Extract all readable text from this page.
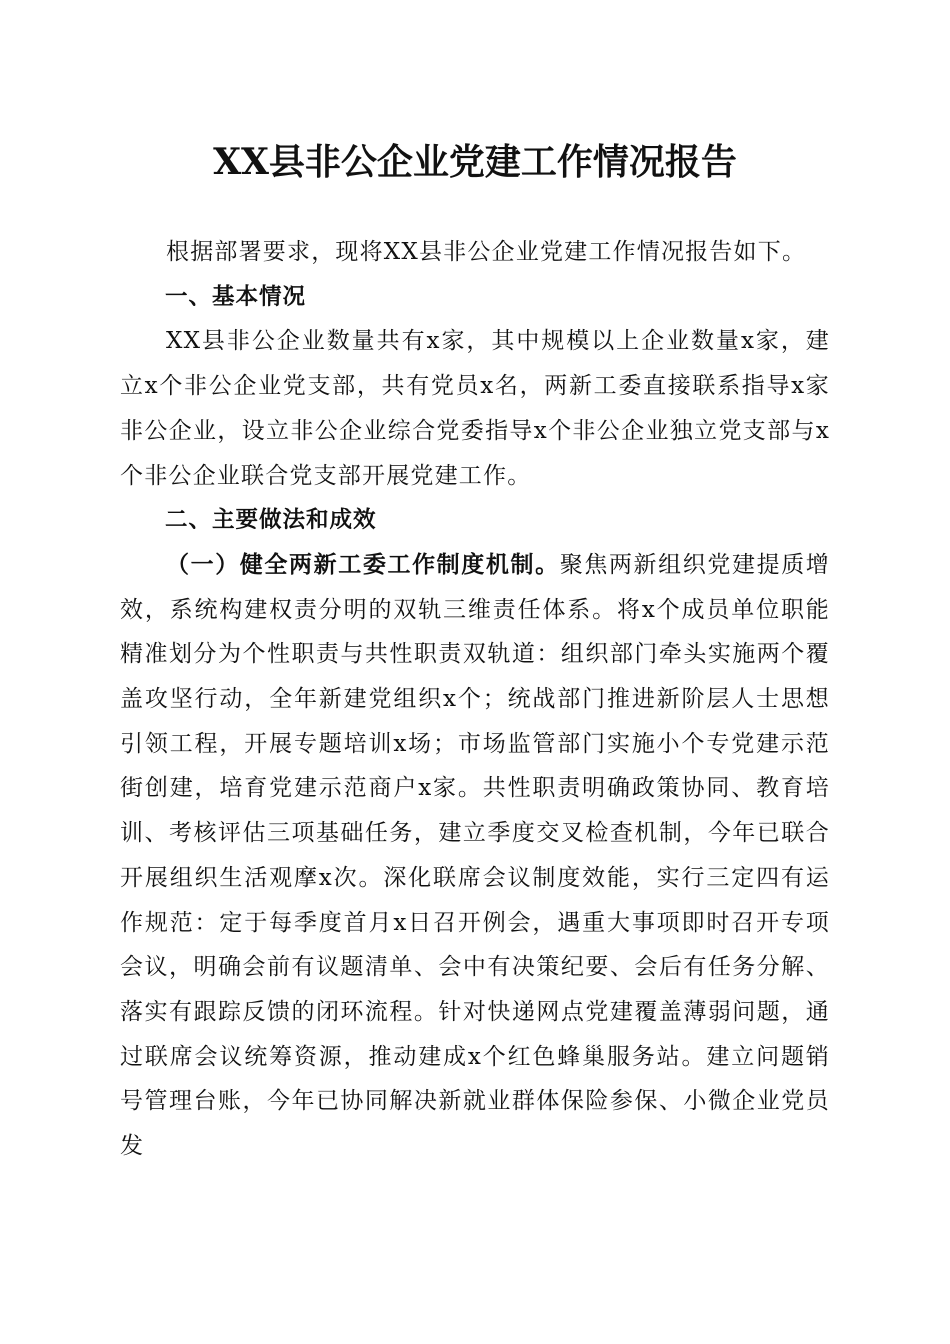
XX县非公企业党建工作情况报告

根据部署要求，现将XX县非公企业党建工作情况报告如下。

一、基本情况

XX县非公企业数量共有x家，其中规模以上企业数量x家，建立x个非公企业党支部，共有党员x名，两新工委直接联系指导x家非公企业，设立非公企业综合党委指导x个非公企业独立党支部与x个非公企业联合党支部开展党建工作。

二、主要做法和成效

（一）健全两新工委工作制度机制。聚焦两新组织党建提质增效，系统构建权责分明的双轨三维责任体系。将x个成员单位职能精准划分为个性职责与共性职责双轨道：组织部门牵头实施两个覆盖攻坚行动，全年新建党组织x个；统战部门推进新阶层人士思想引领工程，开展专题培训x场；市场监管部门实施小个专党建示范街创建，培育党建示范商户x家。共性职责明确政策协同、教育培训、考核评估三项基础任务，建立季度交叉检查机制，今年已联合开展组织生活观摩x次。深化联席会议制度效能，实行三定四有运作规范：定于每季度首月x日召开例会，遇重大事项即时召开专项会议，明确会前有议题清单、会中有决策纪要、会后有任务分解、落实有跟踪反馈的闭环流程。针对快递网点党建覆盖薄弱问题，通过联席会议统筹资源，推动建成x个红色蜂巢服务站。建立问题销号管理台账，今年已协同解决新就业群体保险参保、小微企业党员发
